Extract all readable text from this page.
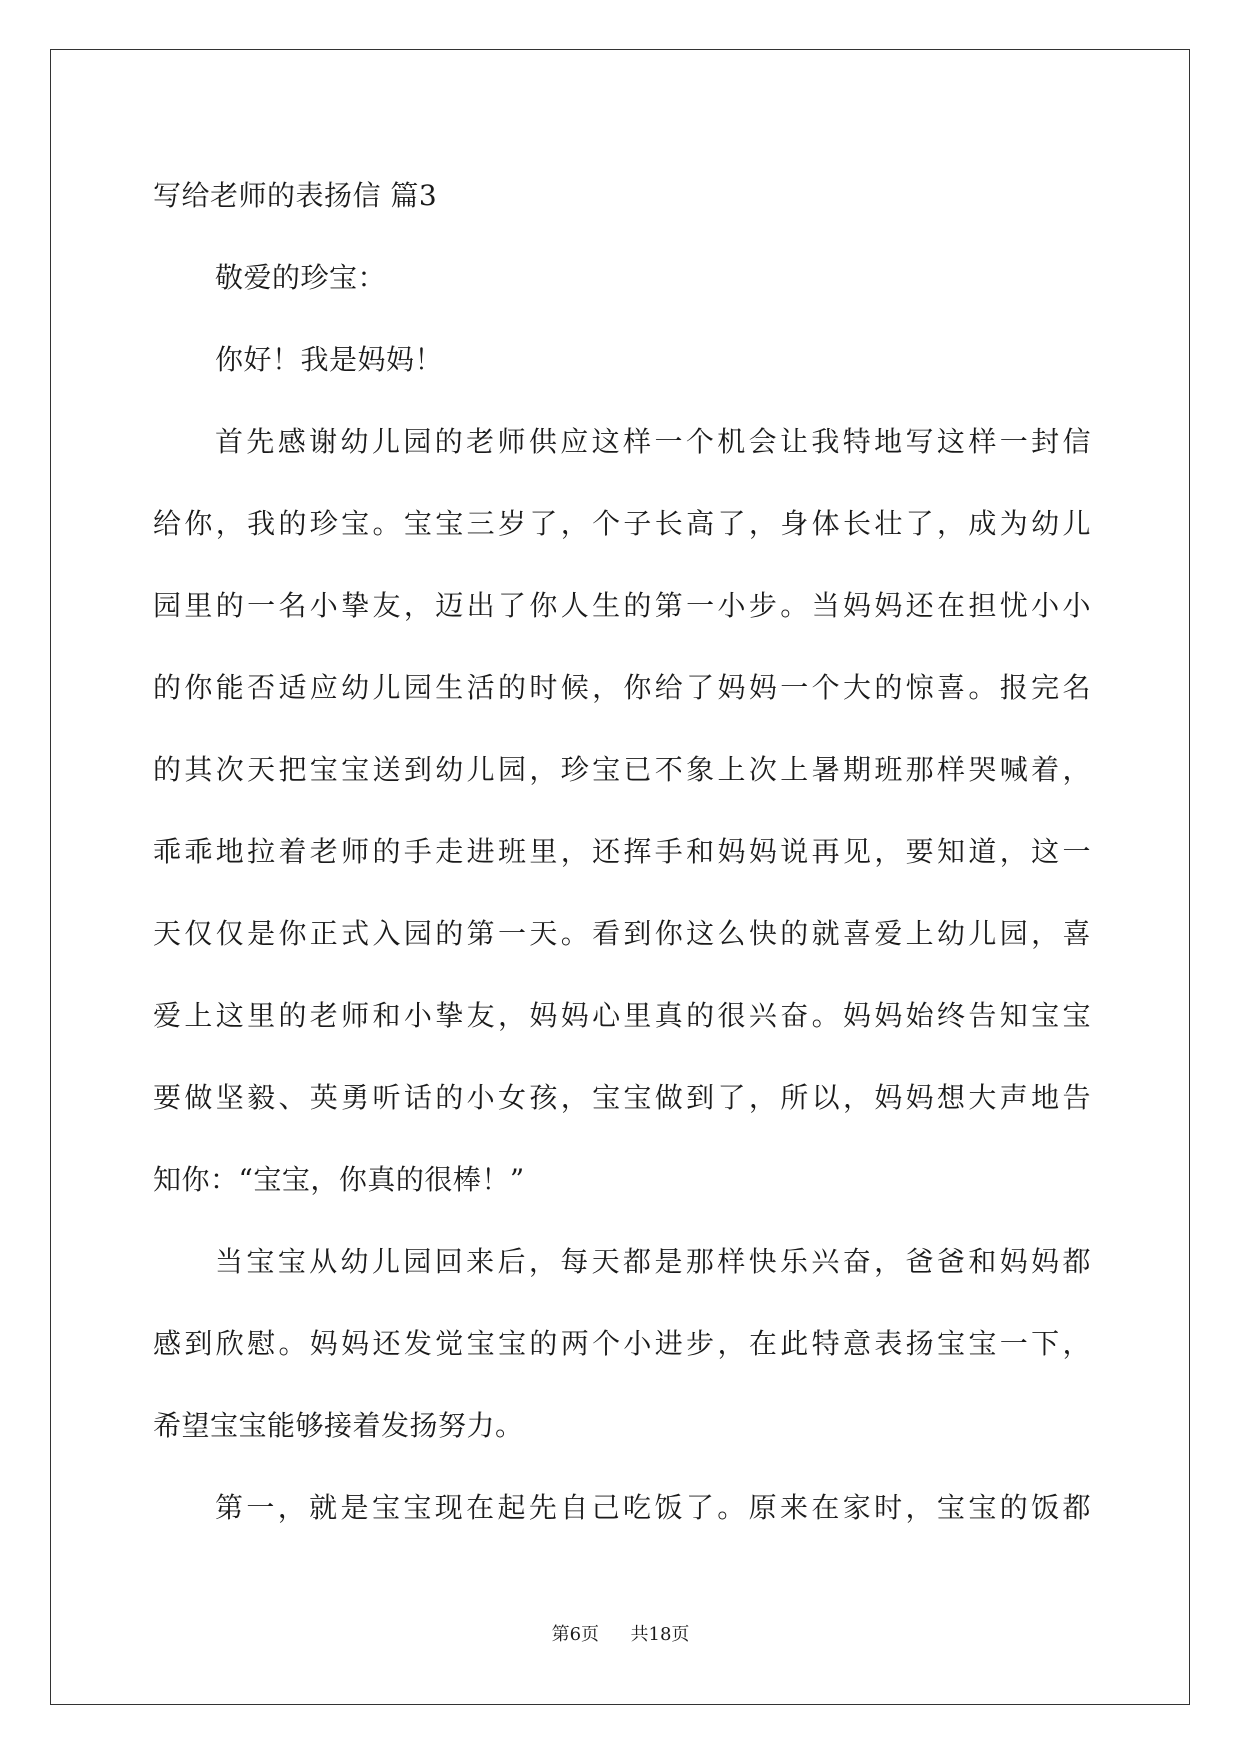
写给老师的表扬信 篇3
敬爱的珍宝：
你好！我是妈妈！
首先感谢幼儿园的老师供应这样一个机会让我特地写这样一封信
给你，我的珍宝。宝宝三岁了，个子长高了，身体长壮了，成为幼儿
园里的一名小挚友，迈出了你人生的第一小步。当妈妈还在担忧小小
的你能否适应幼儿园生活的时候，你给了妈妈一个大的惊喜。报完名
的其次天把宝宝送到幼儿园，珍宝已不象上次上暑期班那样哭喊着，
乖乖地拉着老师的手走进班里，还挥手和妈妈说再见，要知道，这一
天仅仅是你正式入园的第一天。看到你这么快的就喜爱上幼儿园，喜
爱上这里的老师和小挚友，妈妈心里真的很兴奋。妈妈始终告知宝宝
要做坚毅、英勇听话的小女孩，宝宝做到了，所以，妈妈想大声地告
知你：“宝宝，你真的很棒！”
当宝宝从幼儿园回来后，每天都是那样快乐兴奋，爸爸和妈妈都
感到欣慰。妈妈还发觉宝宝的两个小进步，在此特意表扬宝宝一下，
希望宝宝能够接着发扬努力。
第一，就是宝宝现在起先自己吃饭了。原来在家时，宝宝的饭都
第6页 共18页
